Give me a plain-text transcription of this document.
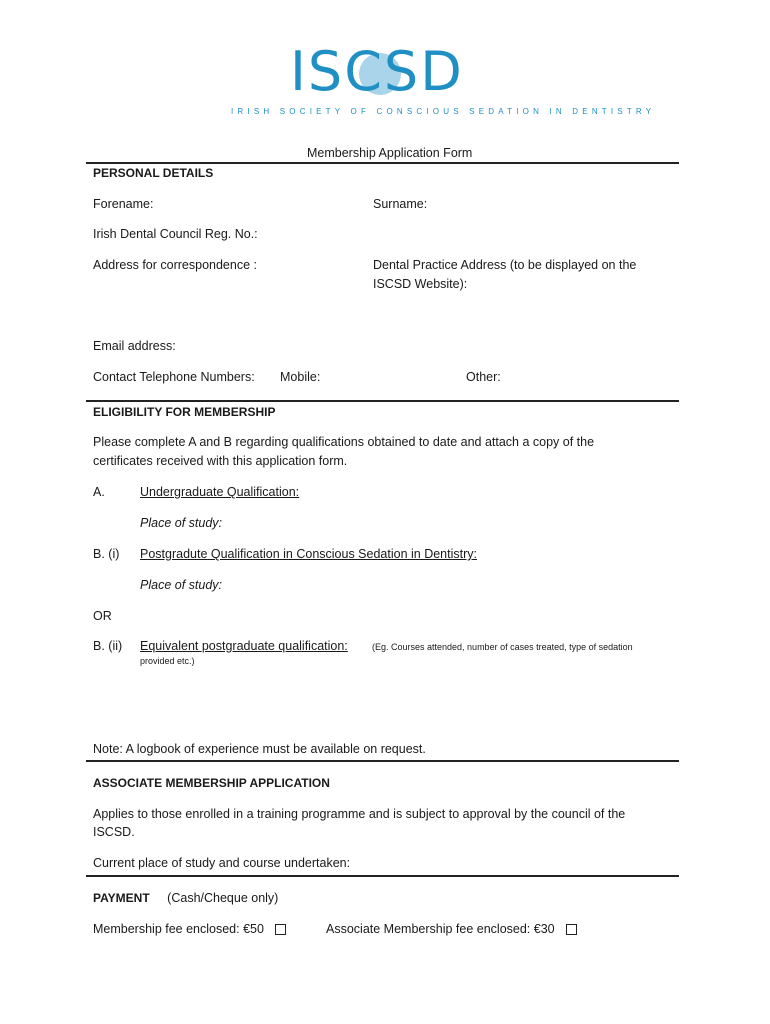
ISCSD
IRISH SOCIETY OF CONSCIOUS SEDATION IN DENTISTRY
Membership Application Form
PERSONAL DETAILS
Forename:	Surname:
Irish Dental Council Reg. No.:
Address for correspondence :	Dental Practice Address (to be displayed on the
ISCSD Website):
Email address:
Contact Telephone Numbers: Mobile:	Other:
ELIGIBILITY FOR MEMBERSHIP
Please complete A and B regarding qualifications obtained to date and attach a copy of the
certificates received with this application form.
A.	Undergraduate Qualification:
Place of study:
B. (i) Postgradute Qualification in Conscious Sedation in Dentistry:
Place of study:
OR
B. (ii) Equivalent postgraduate qualification:	(Eg. Courses attended, number of cases treated, type of sedation
provided etc.)
Note: A logbook of experience must be available on request.
ASSOCIATE MEMBERSHIP APPLICATION
Applies to those enrolled in a training programme and is subject to approval by the council of the
ISCSD.
Current place of study and course undertaken:
PAYMENT (Cash/Cheque only)
Membership fee enclosed: €50	Associate Membership fee enclosed: €30
